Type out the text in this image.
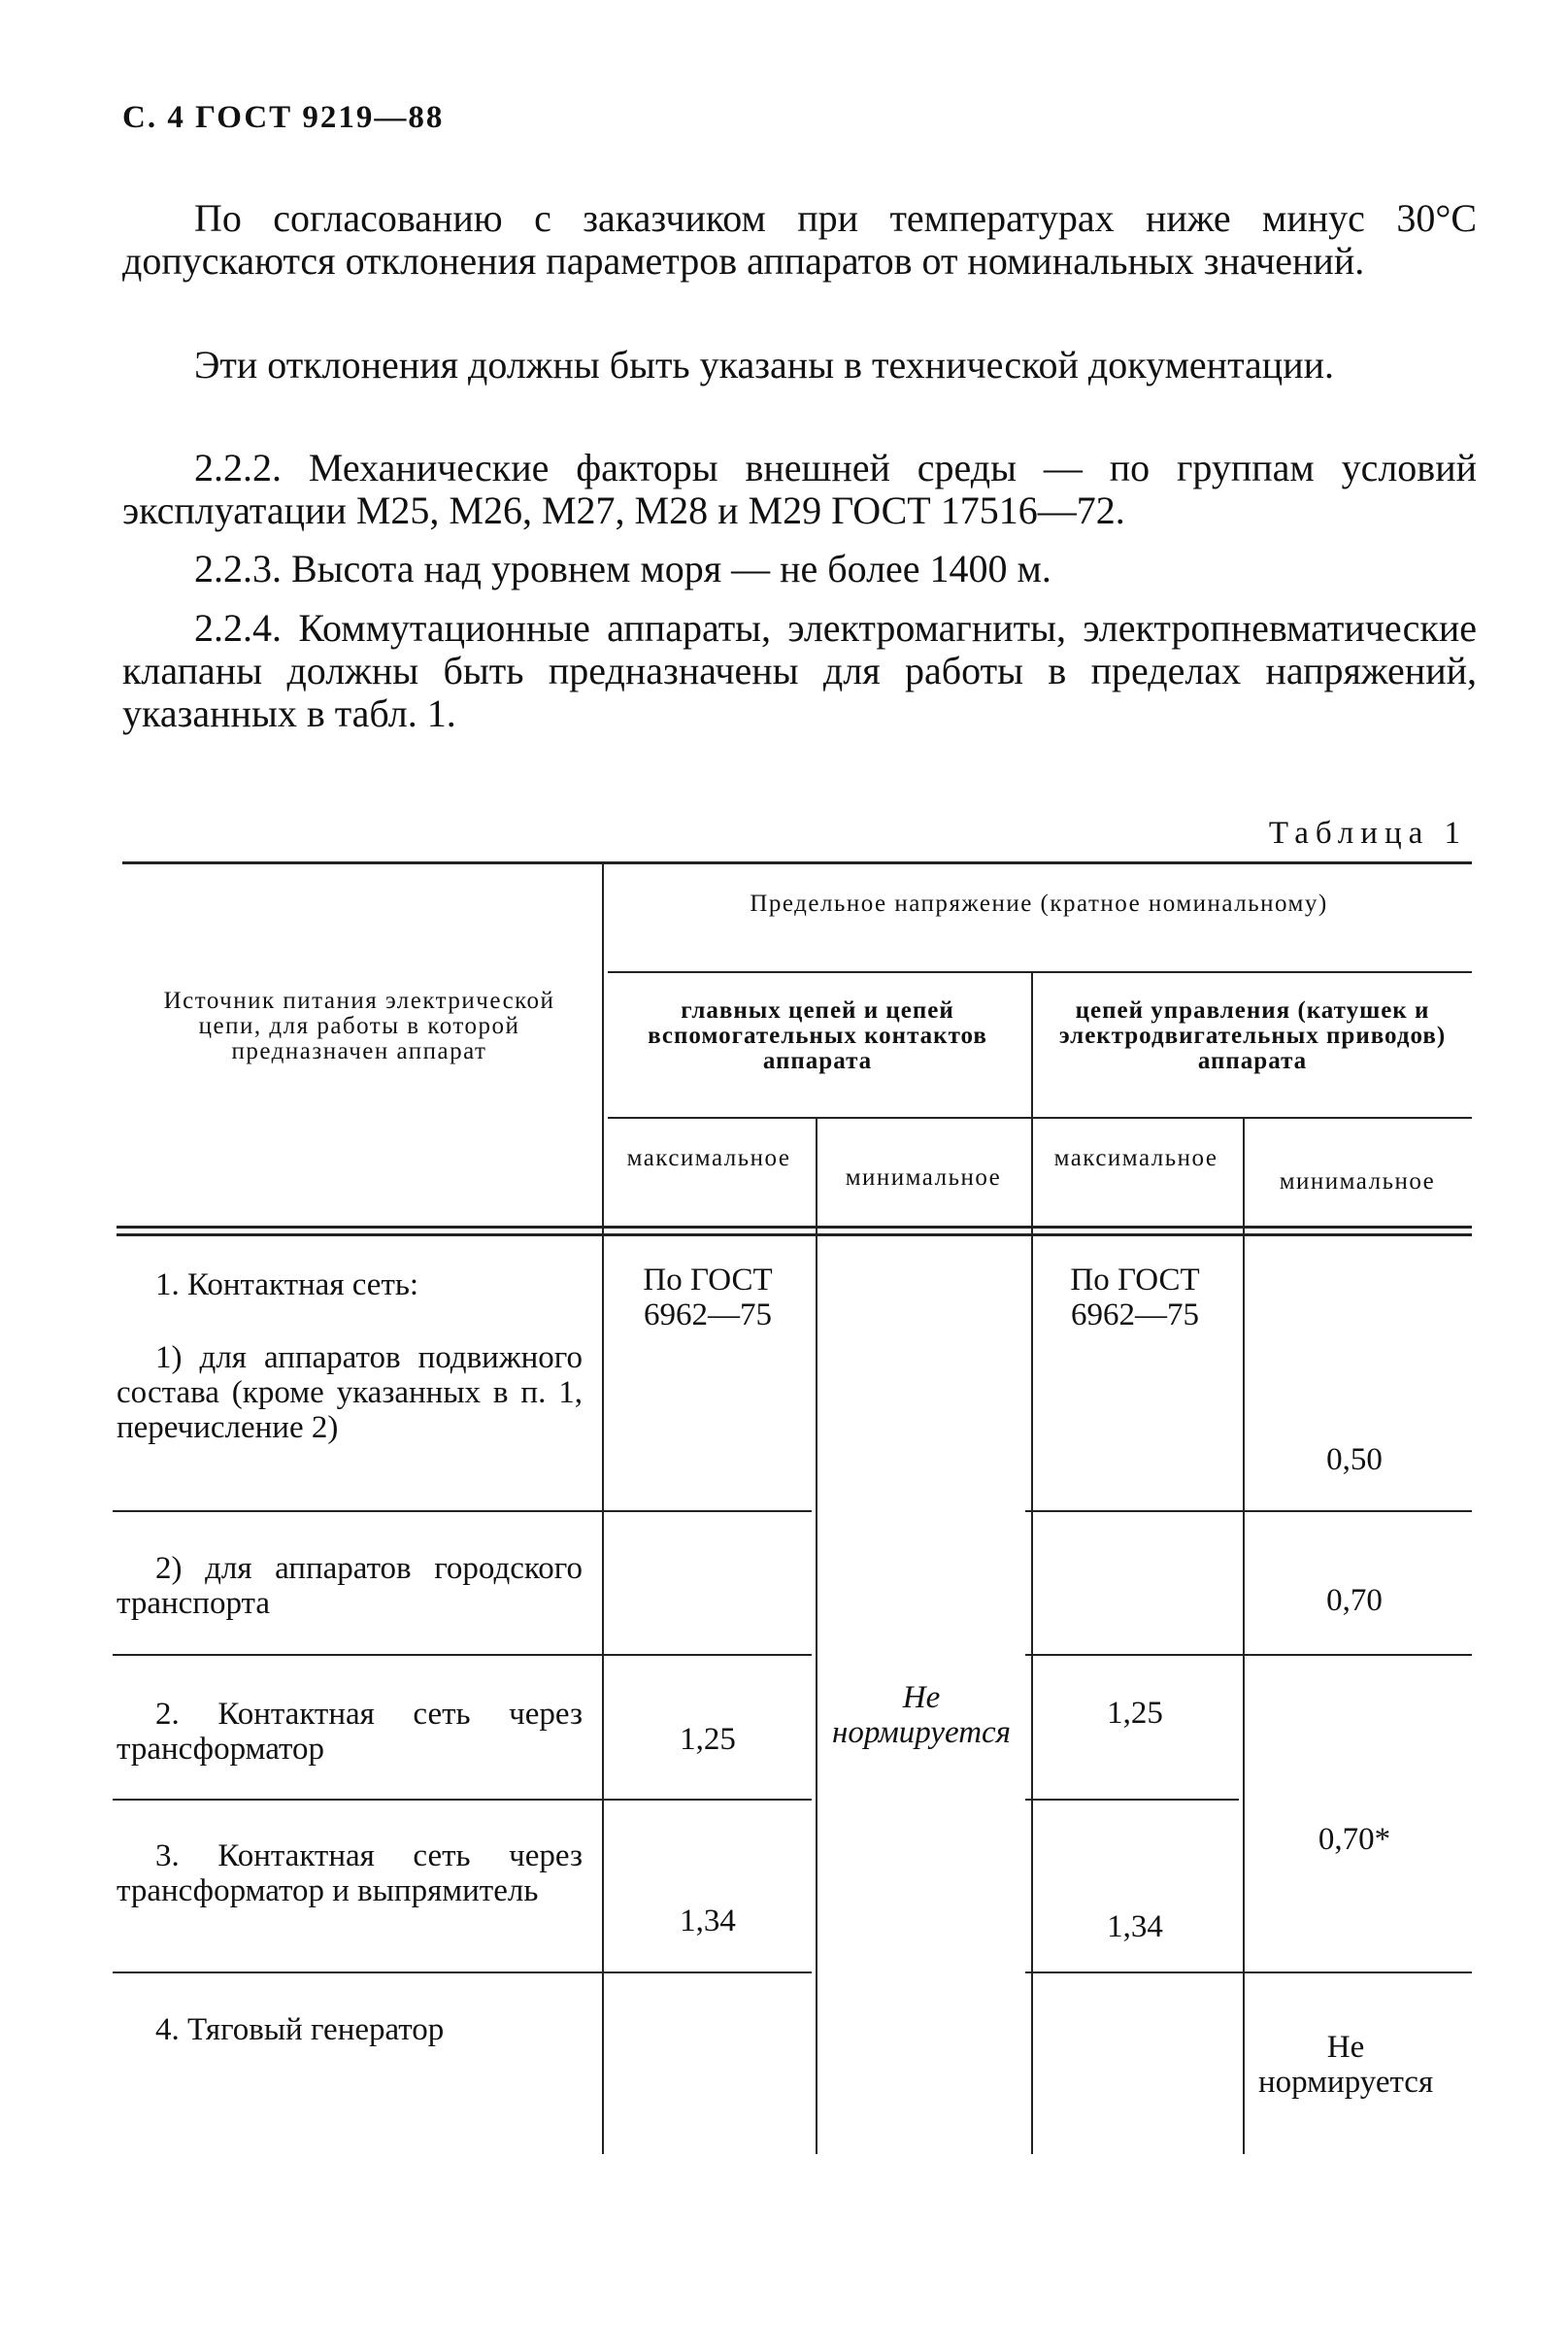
С. 4 ГОСТ 9219—88

По согласованию с заказчиком при температурах ниже минус 30°С допускаются отклонения параметров аппаратов от номинальных значений.

Эти отклонения должны быть указаны в технической документации.

2.2.2. Механические факторы внешней среды — по группам условий эксплуатации М25, М26, М27, М28 и М29 ГОСТ 17516—72.

2.2.3. Высота над уровнем моря — не более 1400 м.

2.2.4. Коммутационные аппараты, электромагниты, электропневматические клапаны должны быть предназначены для работы в пределах напряжений, указанных в табл. 1.

Таблица 1
Источник питания электрической цепи, для работы в которой предназначен аппарат
Предельное напряжение (кратное номинальному)
главных цепей и цепей вспомогательных контактов аппарата
цепей управления (катушек и электродвигательных приводов) аппарата
максимальное
минимальное
максимальное
минимальное
1. Контактная сеть:
1) для аппаратов подвижного состава (кроме указанных в п. 1, перечисление 2)
2) для аппаратов городского транспорта
2. Контактная сеть через трансформатор
3. Контактная сеть через трансформатор и выпрямитель
4. Тяговый генератор
По ГОСТ 6962—75
По ГОСТ 6962—75
0,50
0,70
1,25
1,25
1,34	1,34
0,70*
Не нормируется
Не нормируется
